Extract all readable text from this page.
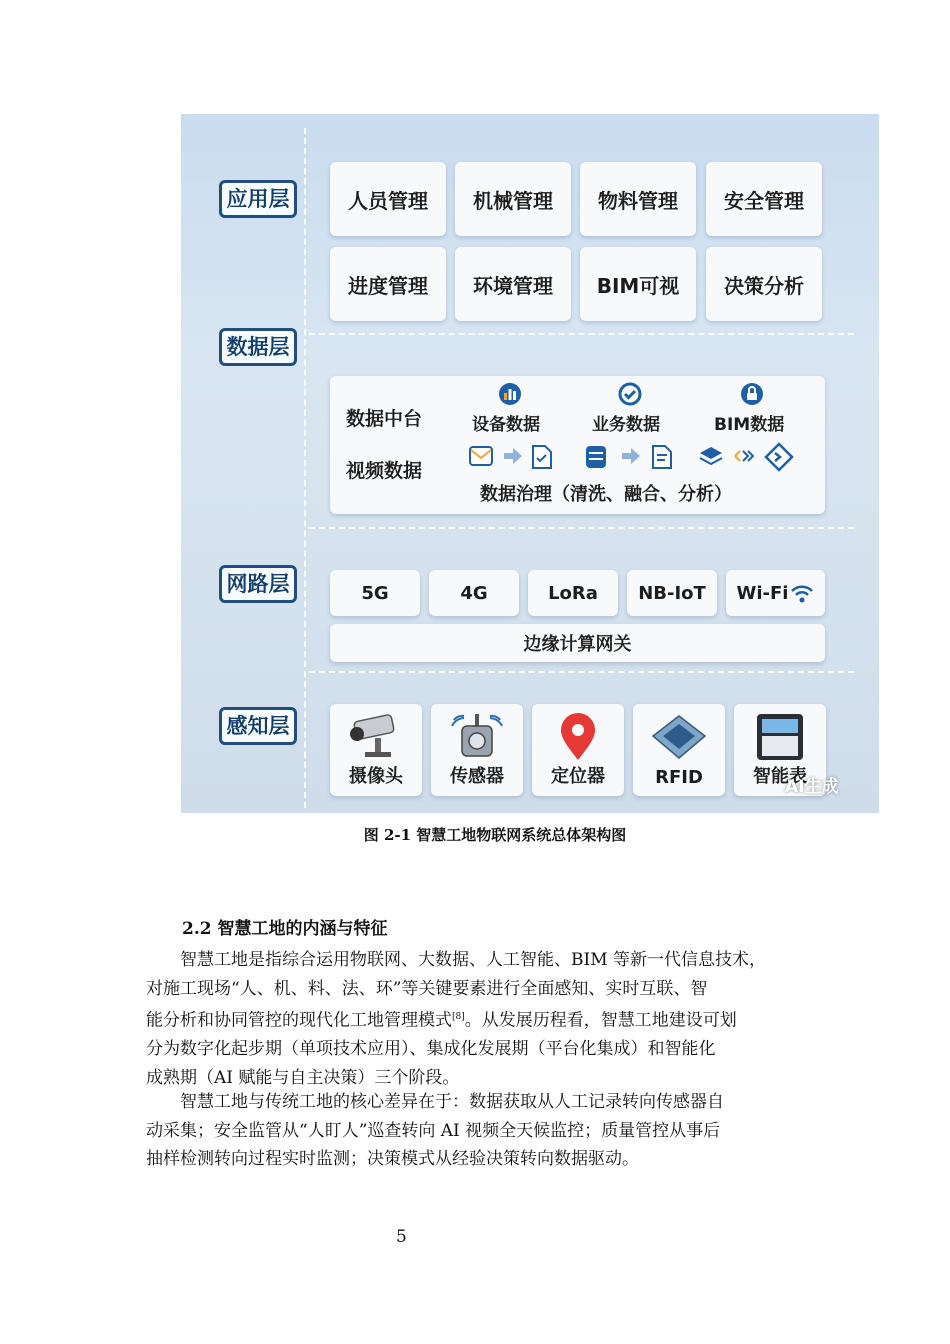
应用层
数据层
网路层
感知层
人员管理	机械管理	物料管理	安全管理
进度管理	环境管理	BIM可视	决策分析
数据中台
视频数据
设备数据	业务数据	BIM数据
数据治理（清洗、融合、分析）
5G	4G	LoRa	NB-IoT	Wi-Fi
边缘计算网关
摄像头	传感器	定位器	RFID	智能表
AI生成
图 2-1 智慧工地物联网系统总体架构图
2.2 智慧工地的内涵与特征

智慧工地是指综合运用物联网、大数据、人工智能、BIM 等新一代信息技术，
对施工现场“人、机、料、法、环”等关键要素进行全面感知、实时互联、智
能分析和协同管控的现代化工地管理模式[8]。从发展历程看，智慧工地建设可划
分为数字化起步期（单项技术应用）、集成化发展期（平台化集成）和智能化
成熟期（AI 赋能与自主决策）三个阶段。

智慧工地与传统工地的核心差异在于：数据获取从人工记录转向传感器自
动采集；安全监管从“人盯人”巡查转向 AI 视频全天候监控；质量管控从事后
抽样检测转向过程实时监测；决策模式从经验决策转向数据驱动。

5
